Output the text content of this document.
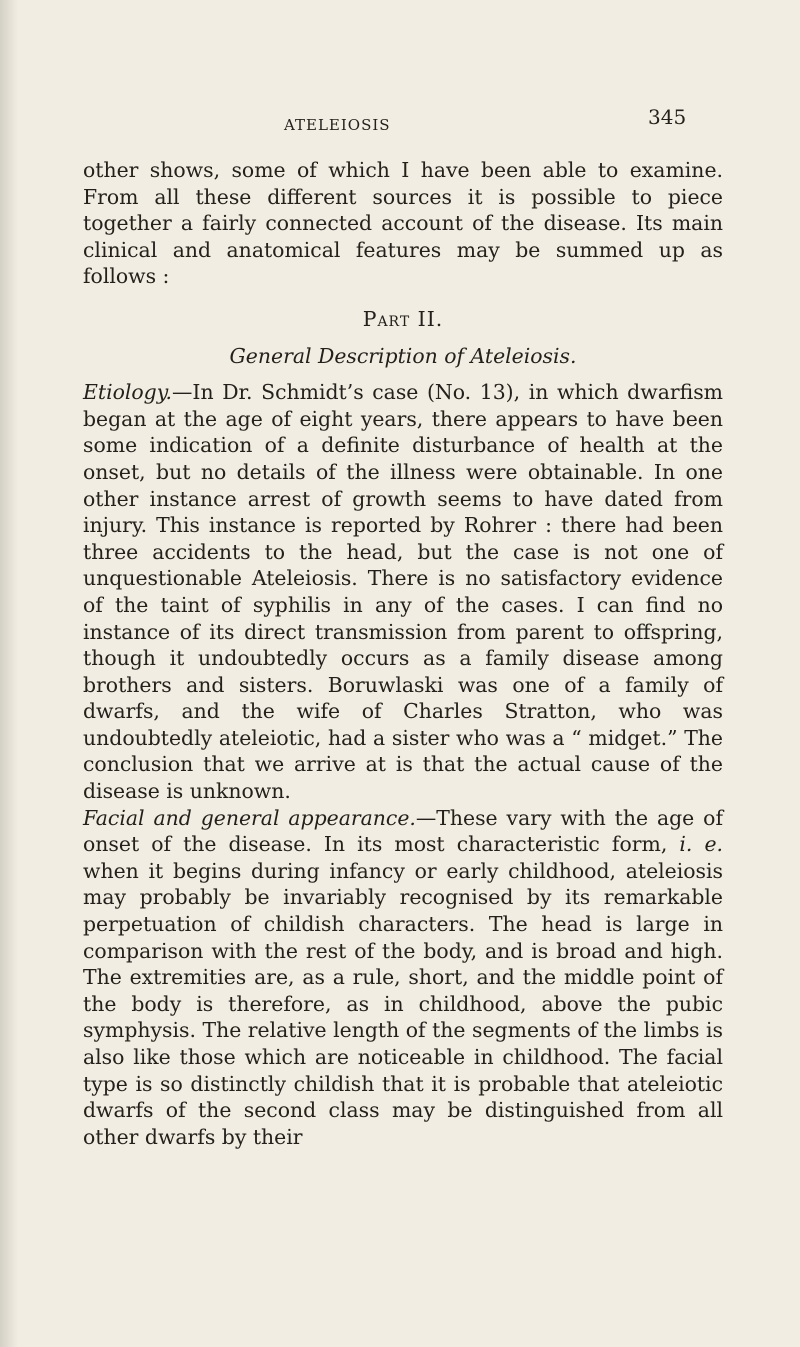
ATELEIOSIS	345

other shows, some of which I have been able to examine. From all these different sources it is possible to piece together a fairly connected account of the disease. Its main clinical and anatomical features may be summed up as follows :

Part II.

General Description of Ateleiosis.

Etiology.—In Dr. Schmidt’s case (No. 13), in which dwarfism began at the age of eight years, there appears to have been some indication of a definite disturbance of health at the onset, but no details of the illness were obtainable. In one other instance arrest of growth seems to have dated from injury. This instance is reported by Rohrer : there had been three accidents to the head, but the case is not one of unquestionable Ateleiosis. There is no satisfactory evidence of the taint of syphilis in any of the cases. I can find no instance of its direct transmission from parent to offspring, though it undoubtedly occurs as a family disease among brothers and sisters. Boruwlaski was one of a family of dwarfs, and the wife of Charles Stratton, who was undoubtedly ateleiotic, had a sister who was a “ midget.” The conclusion that we arrive at is that the actual cause of the disease is unknown.

Facial and general appearance.—These vary with the age of onset of the disease. In its most characteristic form, i. e. when it begins during infancy or early childhood, ateleiosis may probably be invariably recognised by its remarkable perpetuation of childish characters. The head is large in comparison with the rest of the body, and is broad and high. The extremities are, as a rule, short, and the middle point of the body is therefore, as in childhood, above the pubic symphysis. The relative length of the segments of the limbs is also like those which are noticeable in childhood. The facial type is so distinctly childish that it is probable that ateleiotic dwarfs of the second class may be distinguished from all other dwarfs by their
